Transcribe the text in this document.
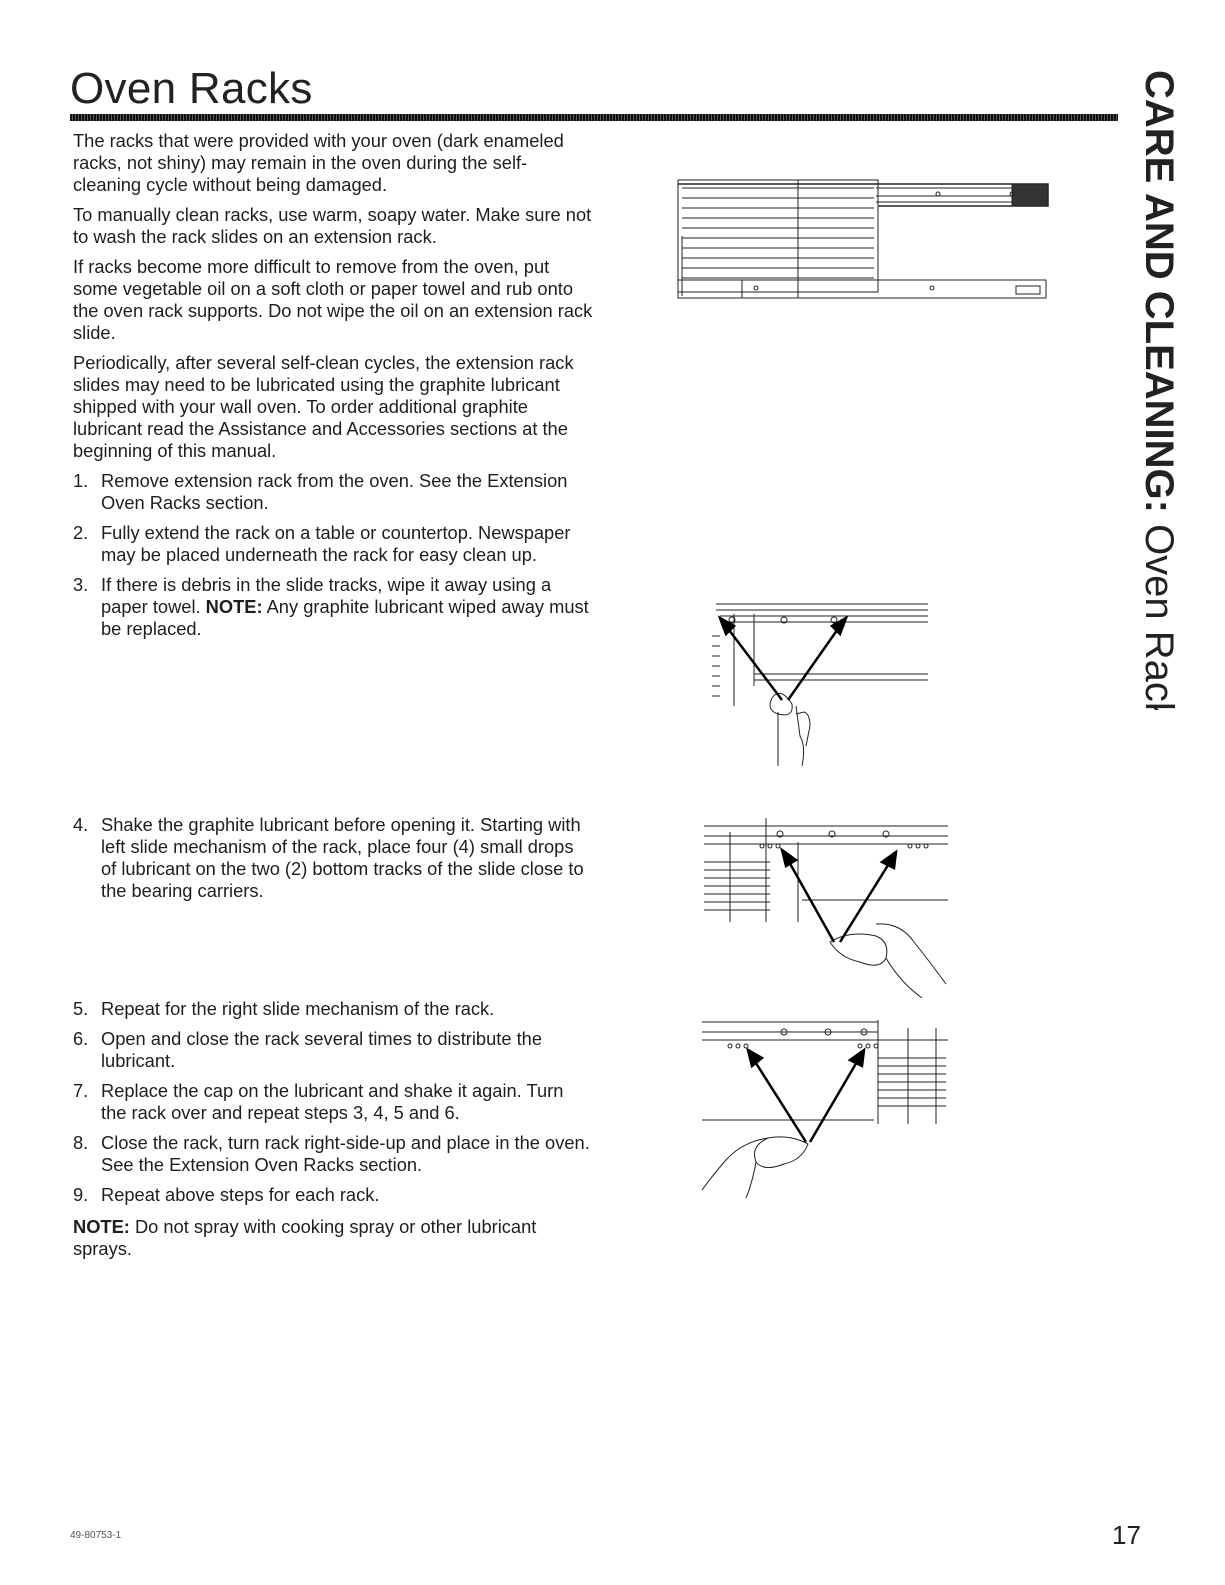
Oven Racks

The racks that were provided with your oven (dark enameled racks, not shiny) may remain in the oven during the self-cleaning cycle without being damaged.

To manually clean racks, use warm, soapy water. Make sure not to wash the rack slides on an extension rack.

If racks become more difficult to remove from the oven, put some vegetable oil on a soft cloth or paper towel and rub onto the oven rack supports. Do not wipe the oil on an extension rack slide.

Periodically, after several self-clean cycles, the extension rack slides may need to be lubricated using the graphite lubricant shipped with your wall oven. To order additional graphite lubricant read the Assistance and Accessories sections at the beginning of this manual.

1. Remove extension rack from the oven. See the Extension Oven Racks section.
2. Fully extend the rack on a table or countertop. Newspaper may be placed underneath the rack for easy clean up.
3. If there is debris in the slide tracks, wipe it away using a paper towel. NOTE: Any graphite lubricant wiped away must be replaced.
4. Shake the graphite lubricant before opening it. Starting with left slide mechanism of the rack, place four (4) small drops of lubricant on the two (2) bottom tracks of the slide close to the bearing carriers.
5. Repeat for the right slide mechanism of the rack.
6. Open and close the rack several times to distribute the lubricant.
7. Replace the cap on the lubricant and shake it again. Turn the rack over and repeat steps 3, 4, 5 and 6.
8. Close the rack, turn rack right-side-up and place in the oven. See the Extension Oven Racks section.
9. Repeat above steps for each rack.

NOTE: Do not spray with cooking spray or other lubricant sprays.

CARE AND CLEANING: Oven Racks
49-80753-1	17
